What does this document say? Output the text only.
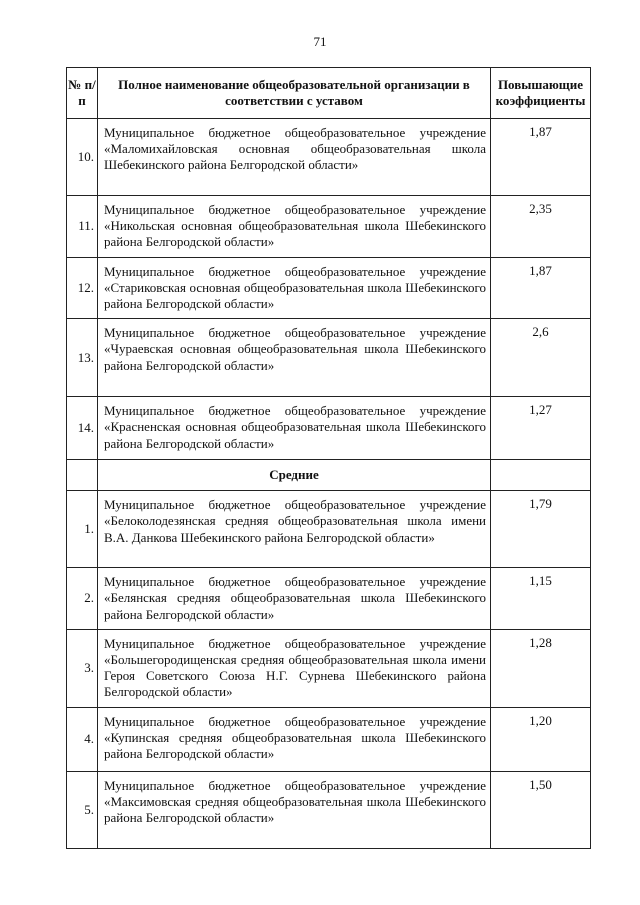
71
№ п/п	Полное наименование общеобразовательной организации в соответствии с уставом	Повышающие коэффициенты
10.	Муниципальное бюджетное общеобразовательное учреждение «Маломихайловская основная общеобразовательная школа Шебекинского района Белгородской области»	1,87
11.	Муниципальное бюджетное общеобразовательное учреждение «Никольская основная общеобразовательная школа Шебекинского района Белгородской области»	2,35
12.	Муниципальное бюджетное общеобразовательное учреждение «Стариковская основная общеобразовательная школа Шебекинского района Белгородской области»	1,87
13.	Муниципальное бюджетное общеобразовательное учреждение «Чураевская основная общеобразовательная школа Шебекинского района Белгородской области»	2,6
14.	Муниципальное бюджетное общеобразовательное учреждение «Красненская основная общеобразовательная школа Шебекинского района Белгородской области»	1,27
	Средние	
1.	Муниципальное бюджетное общеобразовательное учреждение «Белоколодезянская средняя общеобразовательная школа имени В.А. Данкова Шебекинского района Белгородской области»	1,79
2.	Муниципальное бюджетное общеобразовательное учреждение «Белянская средняя общеобразовательная школа Шебекинского района Белгородской области»	1,15
3.	Муниципальное бюджетное общеобразовательное учреждение «Большегородищенская средняя общеобразовательная школа имени Героя Советского Союза Н.Г. Сурнева Шебекинского района Белгородской области»	1,28
4.	Муниципальное бюджетное общеобразовательное учреждение «Купинская средняя общеобразовательная школа Шебекинского района Белгородской области»	1,20
5.	Муниципальное бюджетное общеобразовательное учреждение «Максимовская средняя общеобразовательная школа Шебекинского района Белгородской области»	1,50
